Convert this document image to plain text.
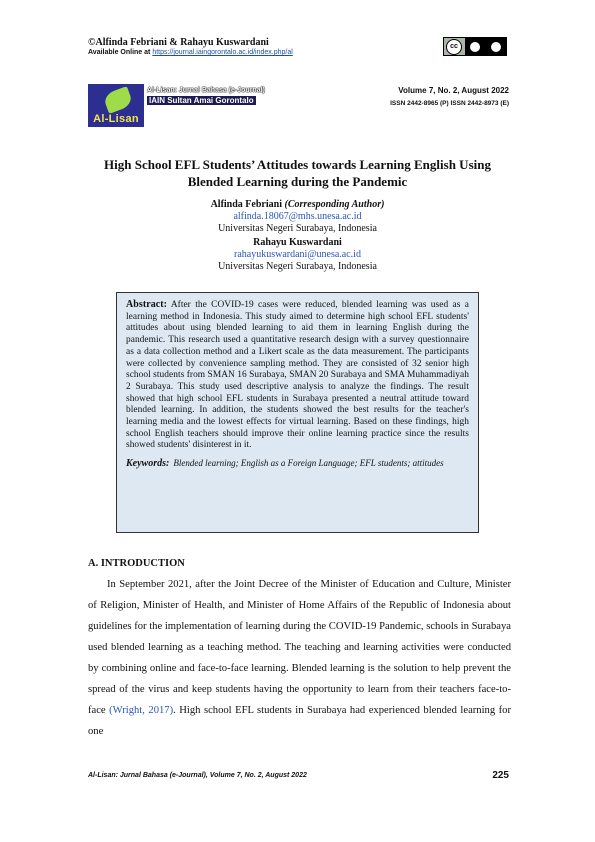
©Alfinda Febriani & Rahayu Kuswardani
Available Online at https://journal.iaingorontalo.ac.id/index.php/al
cc
Al-Lisan
Al-Lisan: Jurnal Bahasa (e-Journal)
IAIN Sultan Amai Gorontalo
Volume 7, No. 2, August 2022
ISSN 2442-8965 (P) ISSN 2442-8973 (E)
High School EFL Students’ Attitudes towards Learning English Using
Blended Learning during the Pandemic
Alfinda Febriani (Corresponding Author)
alfinda.18067@mhs.unesa.ac.id
Universitas Negeri Surabaya, Indonesia
Rahayu Kuswardani
rahayukuswardani@unesa.ac.id
Universitas Negeri Surabaya, Indonesia
Abstract: After the COVID-19 cases were reduced, blended learning was used as a learning method in Indonesia. This study aimed to determine high school EFL students' attitudes about using blended learning to aid them in learning English during the pandemic. This research used a quantitative research design with a survey questionnaire as a data collection method and a Likert scale as the data measurement. The participants were collected by convenience sampling method. They are consisted of 32 senior high school students from SMAN 16 Surabaya, SMAN 20 Surabaya and SMA Muhammadiyah 2 Surabaya. This study used descriptive analysis to analyze the findings. The result showed that high school EFL students in Surabaya presented a neutral attitude toward blended learning. In addition, the students showed the best results for the teacher's learning media and the lowest effects for virtual learning. Based on these findings, high school English teachers should improve their online learning practice since the results showed students' disinterest in it.
Keywords: Blended learning; English as a Foreign Language; EFL students; attitudes
A. INTRODUCTION
In September 2021, after the Joint Decree of the Minister of Education and Culture, Minister of Religion, Minister of Health, and Minister of Home Affairs of the Republic of Indonesia about guidelines for the implementation of learning during the COVID-19 Pandemic, schools in Surabaya used blended learning as a teaching method. The teaching and learning activities were conducted by combining online and face-to-face learning. Blended learning is the solution to help prevent the spread of the virus and keep students having the opportunity to learn from their teachers face-to-face (Wright, 2017). High school EFL students in Surabaya had experienced blended learning for one
Al-Lisan: Jurnal Bahasa (e-Journal), Volume 7, No. 2, August 2022	225
